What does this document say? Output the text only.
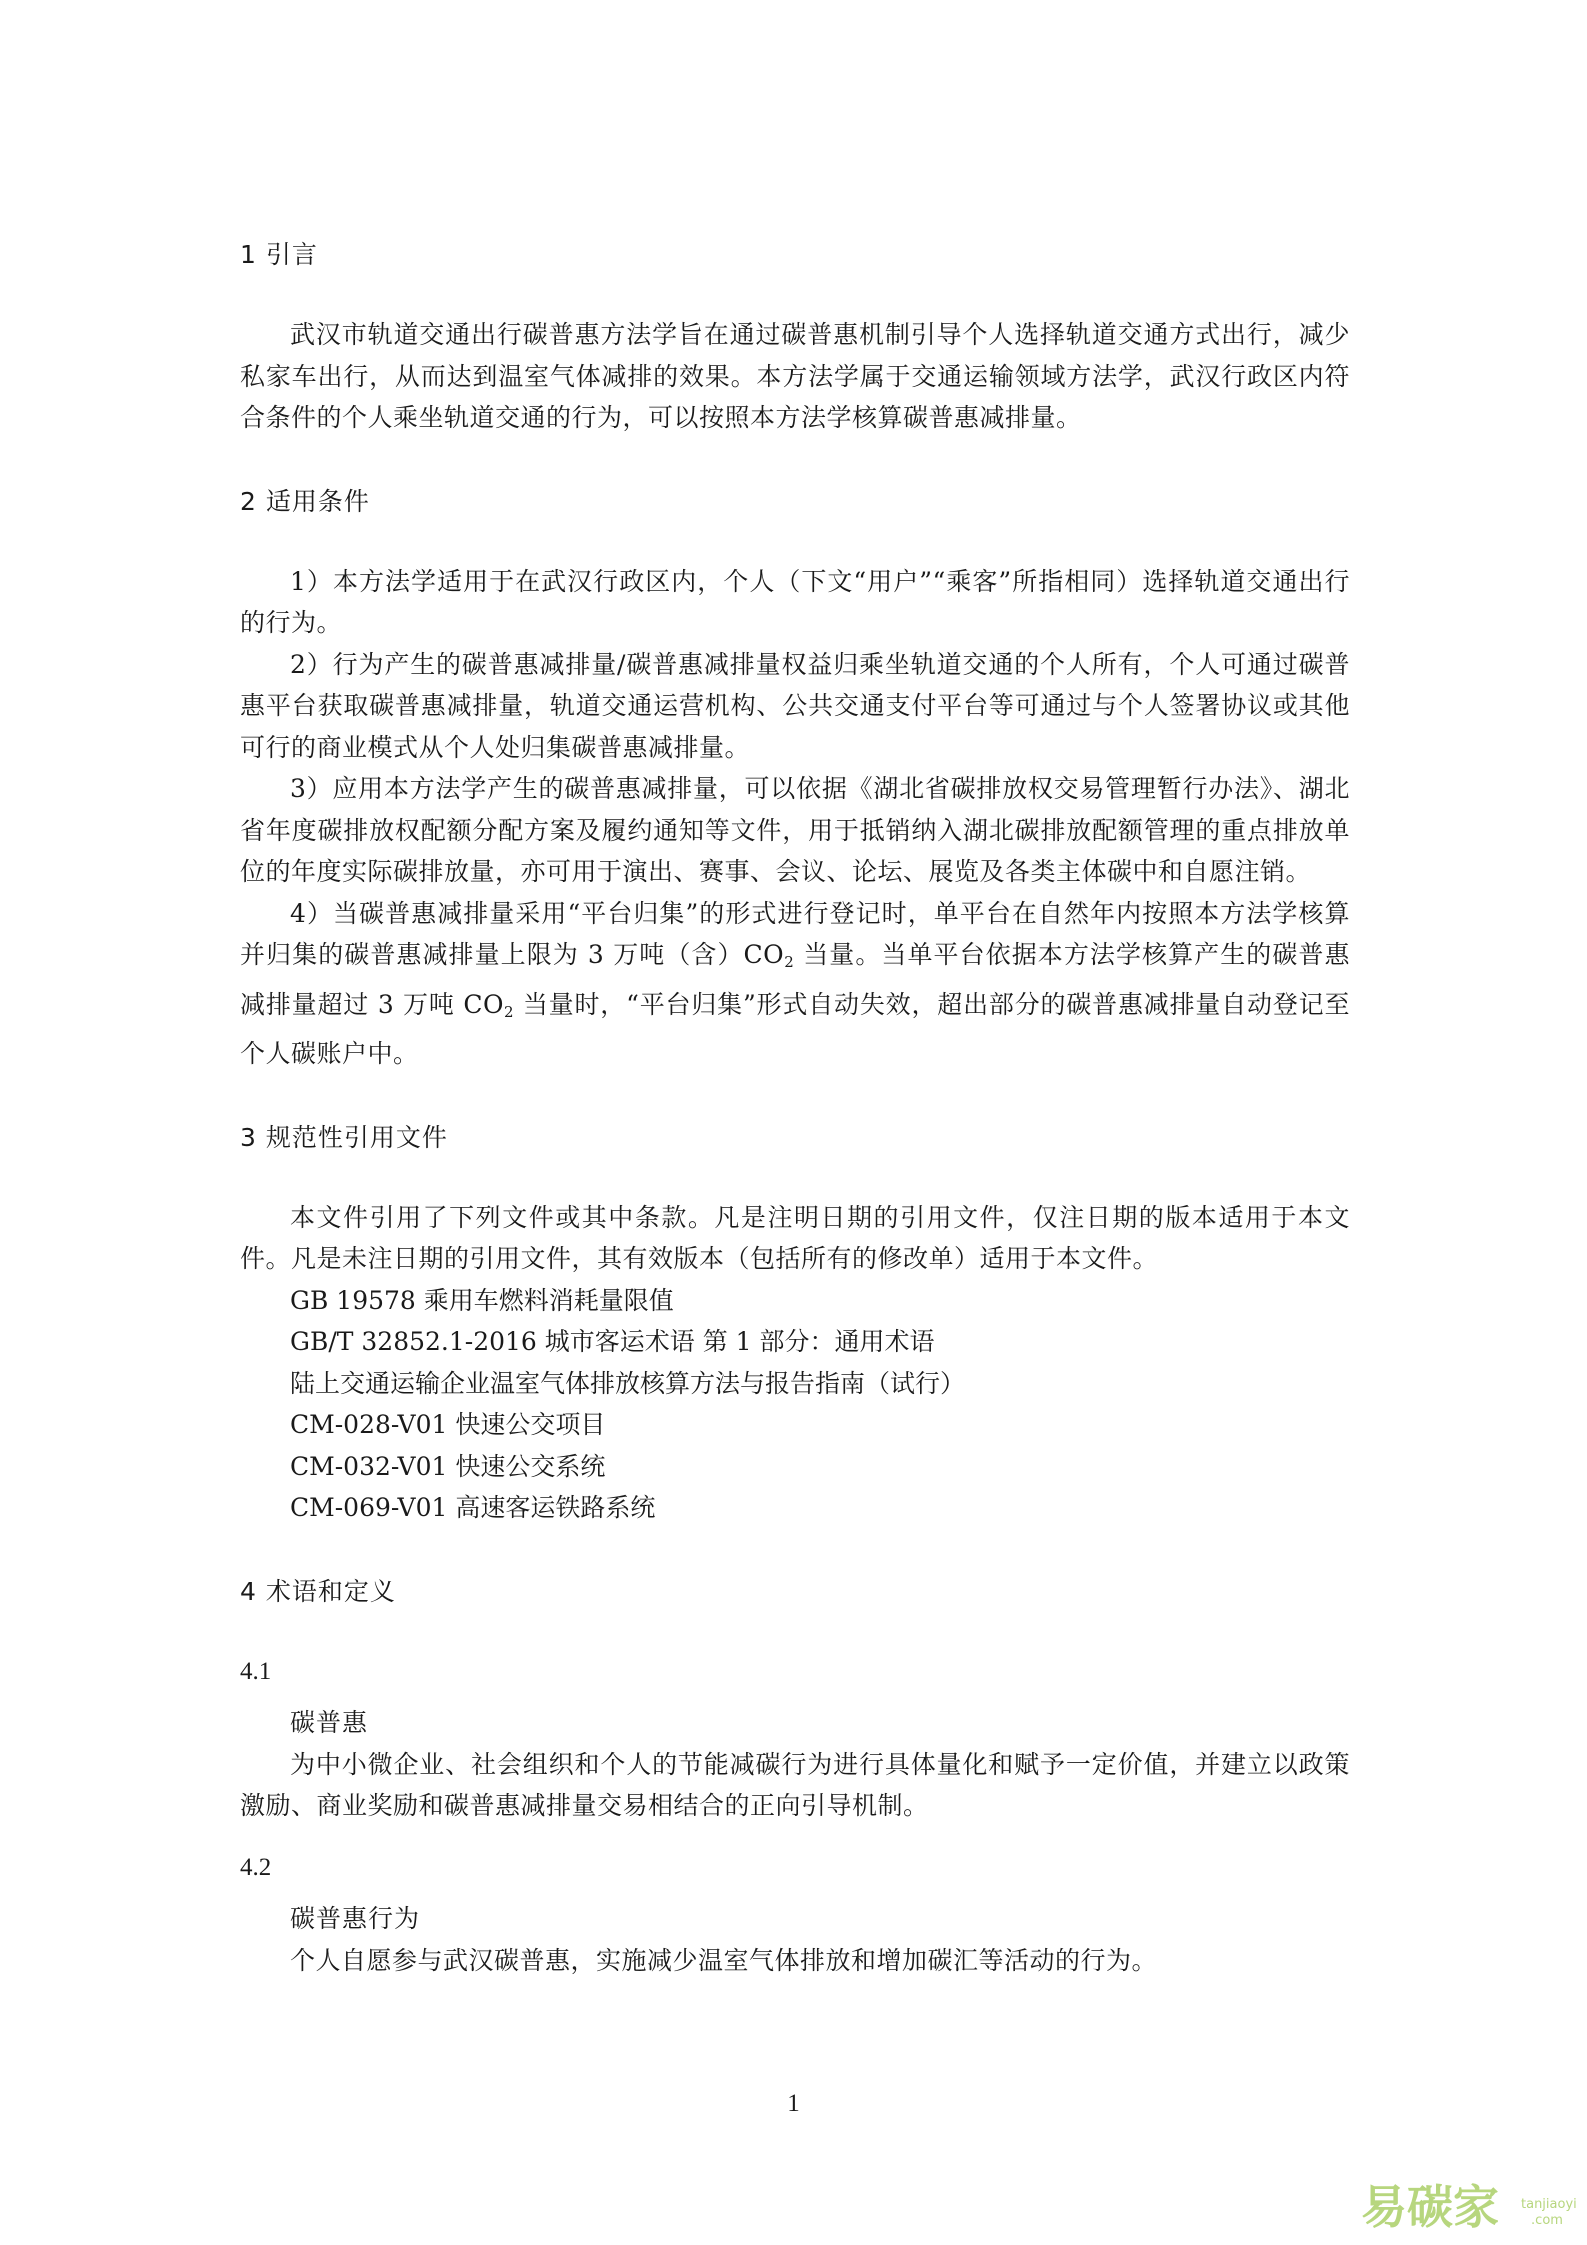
1 引言

武汉市轨道交通出行碳普惠方法学旨在通过碳普惠机制引导个人选择轨道交通方式出行，减少私家车出行，从而达到温室气体减排的效果。本方法学属于交通运输领域方法学，武汉行政区内符合条件的个人乘坐轨道交通的行为，可以按照本方法学核算碳普惠减排量。

2 适用条件

1）本方法学适用于在武汉行政区内，个人（下文“用户”“乘客”所指相同）选择轨道交通出行的行为。

2）行为产生的碳普惠减排量/碳普惠减排量权益归乘坐轨道交通的个人所有，个人可通过碳普惠平台获取碳普惠减排量，轨道交通运营机构、公共交通支付平台等可通过与个人签署协议或其他可行的商业模式从个人处归集碳普惠减排量。

3）应用本方法学产生的碳普惠减排量，可以依据《湖北省碳排放权交易管理暂行办法》、湖北省年度碳排放权配额分配方案及履约通知等文件，用于抵销纳入湖北碳排放配额管理的重点排放单位的年度实际碳排放量，亦可用于演出、赛事、会议、论坛、展览及各类主体碳中和自愿注销。

4）当碳普惠减排量采用“平台归集”的形式进行登记时，单平台在自然年内按照本方法学核算并归集的碳普惠减排量上限为 3 万吨（含）$CO_2$ 当量。当单平台依据本方法学核算产生的碳普惠减排量超过 3 万吨 $CO_2$ 当量时，“平台归集”形式自动失效，超出部分的碳普惠减排量自动登记至个人碳账户中。

3 规范性引用文件

本文件引用了下列文件或其中条款。凡是注明日期的引用文件，仅注日期的版本适用于本文件。凡是未注日期的引用文件，其有效版本（包括所有的修改单）适用于本文件。

GB 19578 乘用车燃料消耗量限值

GB/T 32852.1-2016 城市客运术语 第 1 部分：通用术语

陆上交通运输企业温室气体排放核算方法与报告指南（试行）

CM-028-V01 快速公交项目

CM-032-V01 快速公交系统

CM-069-V01 高速客运铁路系统

4 术语和定义

4.1

碳普惠

为中小微企业、社会组织和个人的节能减碳行为进行具体量化和赋予一定价值，并建立以政策激励、商业奖励和碳普惠减排量交易相结合的正向引导机制。

4.2

碳普惠行为

个人自愿参与武汉碳普惠，实施减少温室气体排放和增加碳汇等活动的行为。

1
易碳家 tanjiaoyi .com
